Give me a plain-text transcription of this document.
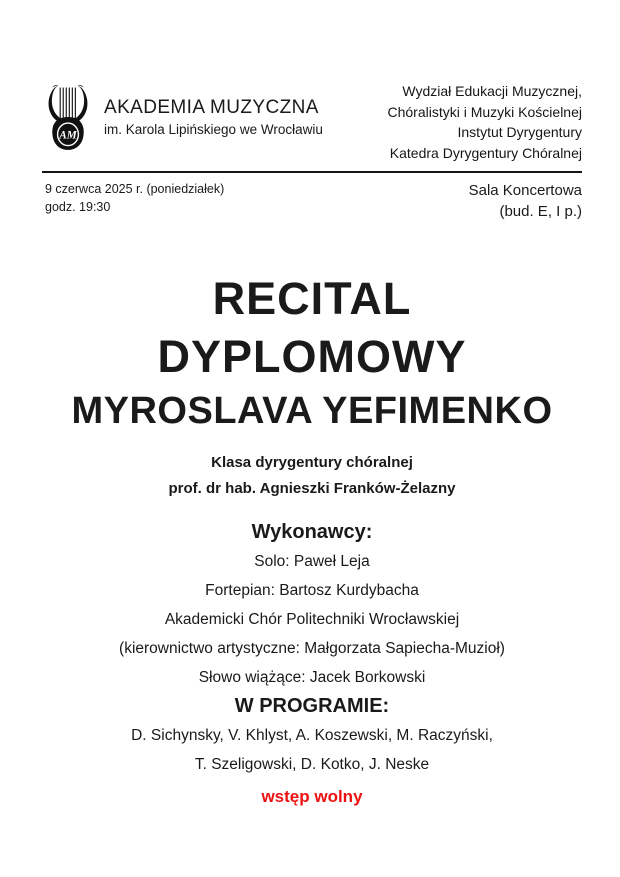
AM
AKADEMIA MUZYCZNA
im. Karola Lipińskiego we Wrocławiu
Wydział Edukacji Muzycznej,
Chóralistyki i Muzyki Kościelnej
Instytut Dyrygentury
Katedra Dyrygentury Chóralnej
9 czerwca 2025 r. (poniedziałek)
godz. 19:30
Sala Koncertowa
(bud. E, I p.)
RECITAL
DYPLOMOWY
MYROSLAVA YEFIMENKO
Klasa dyrygentury chóralnej
prof. dr hab. Agnieszki Franków-Żelazny
Wykonawcy:

Solo: Paweł Leja

Fortepian: Bartosz Kurdybacha

Akademicki Chór Politechniki Wrocławskiej

(kierownictwo artystyczne: Małgorzata Sapiecha-Muzioł)

Słowo wiążące: Jacek Borkowski

W PROGRAMIE:

D. Sichynsky, V. Khlyst, A. Koszewski, M. Raczyński,

T. Szeligowski, D. Kotko, J. Neske

wstęp wolny
